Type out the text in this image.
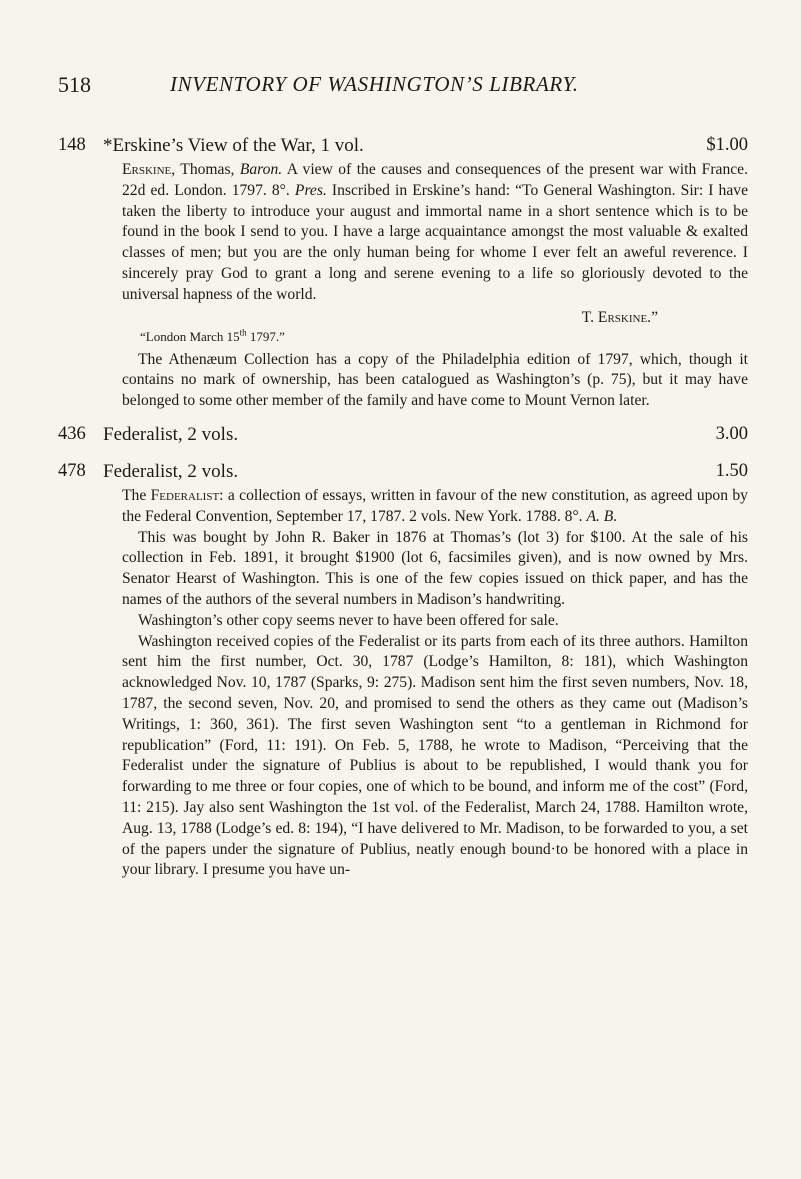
518	INVENTORY OF WASHINGTON’S LIBRARY.
148 *Erskine’s View of the War, 1 vol.	$1.00

Erskine, Thomas, Baron. A view of the causes and consequences of the present war with France. 22d ed. London. 1797. 8°. Pres. Inscribed in Erskine’s hand: “To General Washington. Sir: I have taken the liberty to introduce your august and immortal name in a short sentence which is to be found in the book I send to you. I have a large acquaintance amongst the most valuable & exalted classes of men; but you are the only human being for whome I ever felt an aweful reverence. I sincerely pray God to grant a long and serene evening to a life so gloriously devoted to the universal hapness of the world.

T. Erskine.”
“London March 15th 1797.”

The Athenæum Collection has a copy of the Philadelphia edition of 1797, which, though it contains no mark of ownership, has been catalogued as Washington’s (p. 75), but it may have belonged to some other member of the family and have come to Mount Vernon later.

436 Federalist, 2 vols.	3.00
478 Federalist, 2 vols.	1.50

The Federalist: a collection of essays, written in favour of the new constitution, as agreed upon by the Federal Convention, September 17, 1787. 2 vols. New York. 1788. 8°. A. B.

This was bought by John R. Baker in 1876 at Thomas’s (lot 3) for $100. At the sale of his collection in Feb. 1891, it brought $1900 (lot 6, facsimiles given), and is now owned by Mrs. Senator Hearst of Washington. This is one of the few copies issued on thick paper, and has the names of the authors of the several numbers in Madison’s handwriting.

Washington’s other copy seems never to have been offered for sale.

Washington received copies of the Federalist or its parts from each of its three authors. Hamilton sent him the first number, Oct. 30, 1787 (Lodge’s Hamilton, 8: 181), which Washington acknowledged Nov. 10, 1787 (Sparks, 9: 275). Madison sent him the first seven numbers, Nov. 18, 1787, the second seven, Nov. 20, and promised to send the others as they came out (Madison’s Writings, 1: 360, 361). The first seven Washington sent “to a gentleman in Richmond for republication” (Ford, 11: 191). On Feb. 5, 1788, he wrote to Madison, “Perceiving that the Federalist under the signature of Publius is about to be republished, I would thank you for forwarding to me three or four copies, one of which to be bound, and inform me of the cost” (Ford, 11: 215). Jay also sent Washington the 1st vol. of the Federalist, March 24, 1788. Hamilton wrote, Aug. 13, 1788 (Lodge’s ed. 8: 194), “I have delivered to Mr. Madison, to be forwarded to you, a set of the papers under the signature of Publius, neatly enough bound·to be honored with a place in your library. I presume you have un-
